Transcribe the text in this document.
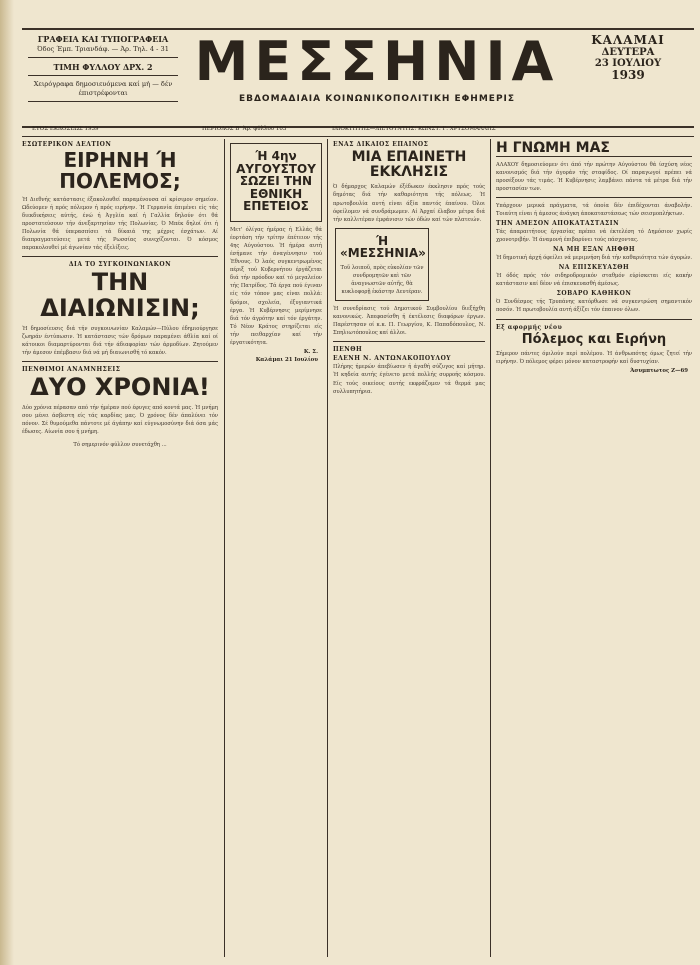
ΓΡΑΦΕΙΑ ΚΑΙ ΤΥΠΟΓΡΑΦΕΙΑ
Όδος Έμπ. Τριανδάφ. — Άρ. Τηλ. 4 - 31
ΤΙΜΗ ΦΥΛΛΟΥ ΔΡΧ. 2
Χειρόγραφα δημοσιευόμενα καί μή — δέν έπιστρέφονται
ΜΕΣΣΗΝΙΑ
ΕΒΔΟΜΑΔΙΑΙΑ ΚΟΙΝΩΝΙΚΟΠΟΛΙΤΙΚΗ ΕΦΗΜΕΡΙΣ
ΚΑΛΑΜΑΙ
ΔΕΥΤΕΡΑ
23 ΙΟΥΛΙΟΥ
1939
ΕΤΟΣ ΕΚΔΟΣΕΩΣ 1939	ΠΕΡΙΟΔΟΣ Β' Άρ. φύλλου 103	ΙΔΙΟΚΤΗΤΗΣ—ΔΙΕΥΘΥΝΤΗΣ: ΚΩΝΣΤ. Γ. ΧΡΥΣΟΜΑΛΛΗΣ
ΕΣΩΤΕΡΙΚΟΝ ΔΕΛΤΙΟΝ
ΕΙΡΗΝΗ Ή ΠΟΛΕΜΟΣ;
Ή Διεθνής κατάστασις έξακολουθεί παραμένουσα αί κρίσιμον σημείον. Ωδεύομεν ή πρός πόλεμον ή πρός ειρήνην. Ή Γερμανία έπιμένει είς τάς διεκδικήσεις αύτής, ένώ ή Άγγλία καί ή Γαλλία δηλούν ότι θά προστατεύσουν τήν άνεξαρτησίαν τής Πολωνίας. Ό Μπέκ δηλοί ότι ή Πολωνία θά ύπερασπίσει τά δίκαιά της μέχρις έσχάτων. Αί διαπραγματεύσεις μετά τής Ρωσσίας συνεχίζονται. Ό κόσμος παρακολουθεί μέ άγωνίαν τάς έξελίξεις.
ΔΙΑ ΤΟ ΣΥΓΚΟΙΝΩΝΙΑΚΟΝ
ΤΗΝ ΔΙΑΙΩΝΙΣΙΝ;
Ή δημοσίευσις διά τήν συγκοινωνίαν Καλαμών—Πύλου έδημιούργησε ζωηράν έντύπωσιν. Ή κατάστασις τών δρόμων παραμένει άθλία καί οί κάτοικοι διαμαρτύρονται διά τήν άδιαφορίαν τών άρμοδίων. Ζητούμεν τήν άμεσον έπέμβασιν διά νά μή διαιωνισθή τό κακόν.
ΠΕΝΘΙΜΟΙ ΑΝΑΜΝΗΣΕΙΣ
ΔΥΟ ΧΡΟΝΙΑ!
Δύο χρόνια πέρασαν από τήν ήμέραν πού έφυγες από κοντά μας. Ή μνήμη σου μένει άσβεστη είς τάς καρδίας μας. Ό χρόνος δέν άπαλύνει τόν πόνον. Σέ θυμούμεθα πάντοτε μέ άγάπην καί εύγνωμοσύνην διά όσα μάς έδωσες. Αίωνία σου ή μνήμη.
Τό σημερινόν φύλλον συνετάχθη ...
Ή 4ην ΑΥΓΟΥΣΤΟΥ ΣΩΖΕΙ ΤΗΝ ΕΘΝΙΚΗ ΕΠΕΤΕΙΟΣ
Μετ' όλίγας ήμέρας ή Ελλάς θά έορτάση τήν τρίτην έπέτειον τής 4ης Αύγούστου. Ή ήμέρα αυτή έσήμανε τήν άναγέννησιν τού Έθνους. Ό λαός συγκεντρωμένος πέριξ τού Κυβερνήτου έργάζεται διά τήν πρόοδον καί τό μεγαλείον τής Πατρίδος. Τά έργα πού έγιναν είς τόν τόπον μας είναι πολλά: δρόμοι, σχολεία, έξυγιαντικά έργα. Ή Κυβέρνησις μερίμνησε διά τόν άγρότην καί τόν έργάτην. Τό Νέον Κράτος στηρίζεται είς τήν πειθαρχίαν καί τήν έργατικότητα.
Κ. Σ.
Καλάμαι 21 Ιουλίου
ΕΝΑΣ ΔΙΚΑΙΟΣ ΕΠΑΙΝΟΣ
ΜΙΑ ΕΠΑΙΝΕΤΗ ΕΚΚΛΗΣΙΣ
Ό δήμαρχος Καλαμών έξέδωκεν έκκλησιν πρός τούς δημότας διά τήν καθαριότητα τής πόλεως. Ή πρωτοβουλία αυτή είναι άξία παντός έπαίνου. Όλοι όφείλομεν νά συνδράμωμεν. Αί Άρχαί έλαβον μέτρα διά τήν καλλιτέραν έμφάνισιν τών όδών καί τών πλατειών.
Ή «ΜΕΣΣΗΝΙΑ»
Τοῦ λοιποῦ, πρὸς εὐκολίαν τῶν συνδρομητῶν καὶ τῶν ἀναγνωστῶν αὐτῆς, θὰ κυκλοφορῇ ἑκάστην Δευτέραν.
Ή συνεδρίασις τού Δημοτικού Συμβουλίου διεξήχθη κανονικώς. Άπεφασίσθη ή έκτέλεσις διαφόρων έργων. Παρέστησαν οί κ.κ. Π. Γεωργίου, Κ. Παπαδόπουλος, Ν. Σπηλιωτόπουλος καί άλλοι.
ΠΕΝΘΗ
ΕΛΕΝΗ Ν. ΑΝΤΩΝΑΚΟΠΟΥΛΟΥ
Πλήρης ήμερών άπεβίωσεν ή άγαθή σύζυγος καί μήτηρ. Ή κηδεία αυτής έγένετο μετά πολλής συρροής κόσμου. Είς τούς οικείους αυτής εκφράζομεν τά θερμά μας συλλυπητήρια.
Η ΓΝΩΜΗ ΜΑΣ
ΑΛΑΧΟΥ δημοσιεύομεν ότι άπό τήν πρώτην Αύγούστου θά ίσχύση νέος κανονισμός διά τήν άγοράν τής σταφίδος. Οί παραγωγοί πρέπει νά προσέξουν τάς τιμάς. Ή Κυβέρνησις λαμβάνει πάντα τά μέτρα διά τήν προστασίαν των.
Υπάρχουν μερικά πράγματα, τά όποία δέν έπιδέχονται άναβολήν. Τοιαύτη είναι ή άμεσος άνάγκη άποκαταστάσεως τών σεισμοπλήκτων.
ΤΗΝ ΑΜΕΣΟΝ ΑΠΟΚΑΤΑΣΤΑΣΙΝ
Τάς άπαραιτήτους έργασίας πρέπει νά έκτελέση τό Δημόσιον χωρίς χρονοτριβήν. Ή άναμονή έπιβαρύνει τούς πάσχοντας.
ΝΑ ΜΗ ΕΞΑΝ ΛΗΦΘΗ
Ή δημοτική άρχή όφείλει νά μεριμνήση διά τήν καθαριότητα τών άγορών.
ΝΑ ΕΠΙΣΚΕΥΑΣΘΗ
Ή όδός πρός τόν σιδηροδρομικόν σταθμόν εύρίσκεται είς κακήν κατάστασιν καί δέον νά έπισκευασθή άμέσως.
ΣΟΒΑΡΟ ΚΑΘΗΚΟΝ
Ό Συνδέσμος τής Τρυπάνης κατόρθωσε νά συγκεντρώση σημαντικόν ποσόν. Ή πρωτοβουλία αυτή άξίζει τόν έπαινον όλων.
Εξ αφορμής νέου
Πόλεμος και Ειρήνη
Σήμερον πάντες όμιλούν περί πολέμου. Ή άνθρωπότης όμως ζητεί τήν ειρήνην. Ό πόλεμος φέρει μόνον καταστροφήν καί δυστυχίαν.
Άσυμπτωτος Ζ—69
